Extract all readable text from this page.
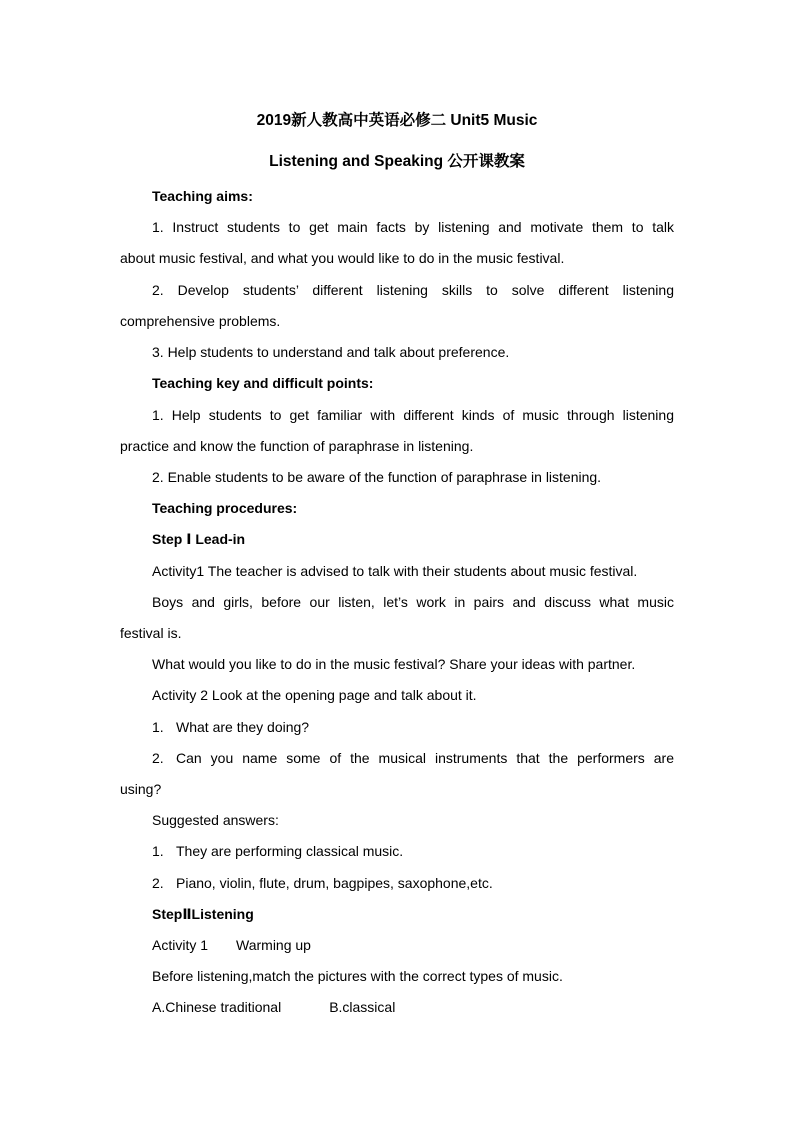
2019新人教高中英语必修二 Unit5 Music
Listening and Speaking 公开课教案
Teaching aims:
1. Instruct students to get main facts by listening and motivate them to talk
about music festival, and what you would like to do in the music festival.
2. Develop students’ different listening skills to solve different listening
comprehensive problems.
3. Help students to understand and talk about preference.
Teaching key and difficult points:
1. Help students to get familiar with different kinds of music through listening
practice and know the function of paraphrase in listening.
2. Enable students to be aware of the function of paraphrase in listening.
Teaching procedures:
Step Ⅰ Lead-in
Activity1 The teacher is advised to talk with their students about music festival.
Boys and girls, before our listen, let’s work in pairs and discuss what music
festival is.
What would you like to do in the music festival? Share your ideas with partner.
Activity 2 Look at the opening page and talk about it.
1. What are they doing?
2. Can you name some of the musical instruments that the performers are
using?
Suggested answers:
1. They are performing classical music.
2. Piano, violin, flute, drum, bagpipes, saxophone,etc.
StepⅡListening
Activity 1 Warming up
Before listening,match the pictures with the correct types of music.
A.Chinese traditional	B.classical
